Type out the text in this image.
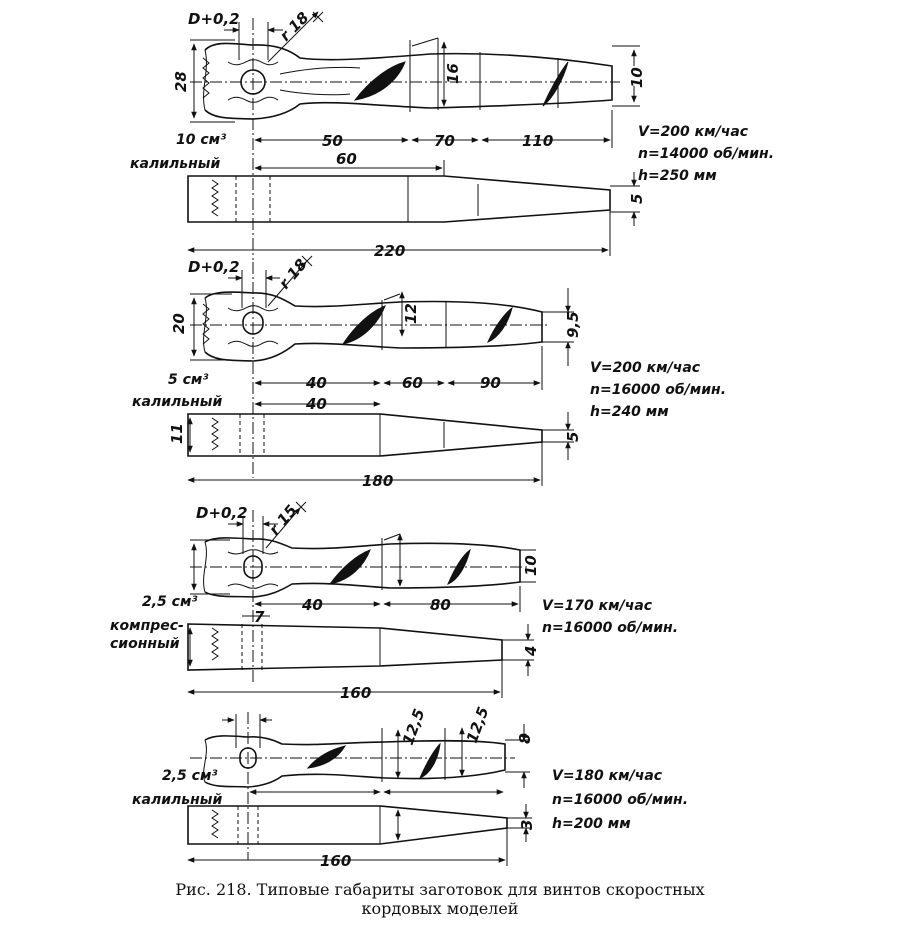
D+0,2 r 18
28	16	10
5
10 см³
калильный
50	70	110
60
220
V=200 км/час
n=14000 об/мин.
h=250 мм
D+0,2 r 18
20	12	9,5
11	5
5 см³
калильный
40	60	90
40
180
V=200 км/час
n=16000 об/мин.
h=240 мм
D+0,2 r 15
10
4
2,5 см³
компрес-
сионный
40	80
7
160
V=170 км/час
n=16000 об/мин.
12,5 12,5 8
3
2,5 см³
калильный
160
V=180 км/час
n=16000 об/мин.
h=200 мм
Рис. 218. Типовые габариты заготовок для винтов скоростных
кордовых моделей
